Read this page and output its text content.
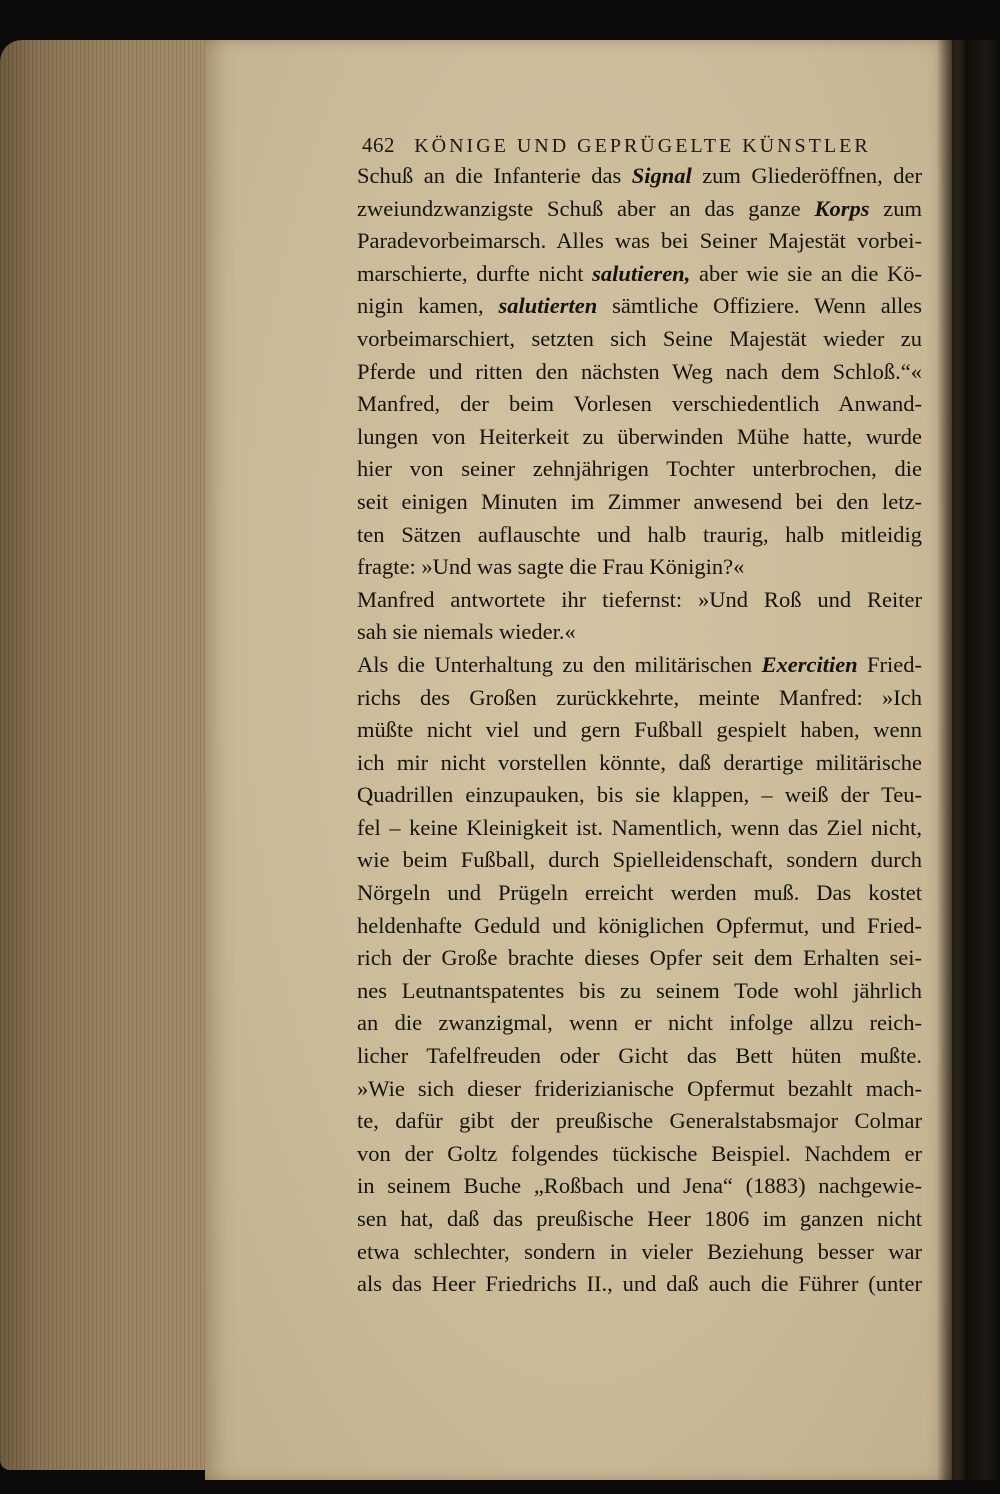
462 KÖNIGE UND GEPRÜGELTE KÜNSTLER
Schuß an die Infanterie das Signal zum Gliederöffnen, der
zweiundzwanzigste Schuß aber an das ganze Korps zum
Paradevorbeimarsch. Alles was bei Seiner Majestät vorbei-
marschierte, durfte nicht salutieren, aber wie sie an die Kö-
nigin kamen, salutierten sämtliche Offiziere. Wenn alles
vorbeimarschiert, setzten sich Seine Majestät wieder zu
Pferde und ritten den nächsten Weg nach dem Schloß.“«
Manfred, der beim Vorlesen verschiedentlich Anwand-
lungen von Heiterkeit zu überwinden Mühe hatte, wurde
hier von seiner zehnjährigen Tochter unterbrochen, die
seit einigen Minuten im Zimmer anwesend bei den letz-
ten Sätzen auflauschte und halb traurig, halb mitleidig
fragte: »Und was sagte die Frau Königin?«
Manfred antwortete ihr tiefernst: »Und Roß und Reiter
sah sie niemals wieder.«
Als die Unterhaltung zu den militärischen Exercitien Fried-
richs des Großen zurückkehrte, meinte Manfred: »Ich
müßte nicht viel und gern Fußball gespielt haben, wenn
ich mir nicht vorstellen könnte, daß derartige militärische
Quadrillen einzupauken, bis sie klappen, – weiß der Teu-
fel – keine Kleinigkeit ist. Namentlich, wenn das Ziel nicht,
wie beim Fußball, durch Spielleidenschaft, sondern durch
Nörgeln und Prügeln erreicht werden muß. Das kostet
heldenhafte Geduld und königlichen Opfermut, und Fried-
rich der Große brachte dieses Opfer seit dem Erhalten sei-
nes Leutnantspatentes bis zu seinem Tode wohl jährlich
an die zwanzigmal, wenn er nicht infolge allzu reich-
licher Tafelfreuden oder Gicht das Bett hüten mußte.
»Wie sich dieser friderizianische Opfermut bezahlt mach-
te, dafür gibt der preußische Generalstabsmajor Colmar
von der Goltz folgendes tückische Beispiel. Nachdem er
in seinem Buche „Roßbach und Jena“ (1883) nachgewie-
sen hat, daß das preußische Heer 1806 im ganzen nicht
etwa schlechter, sondern in vieler Beziehung besser war
als das Heer Friedrichs II., und daß auch die Führer (unter
